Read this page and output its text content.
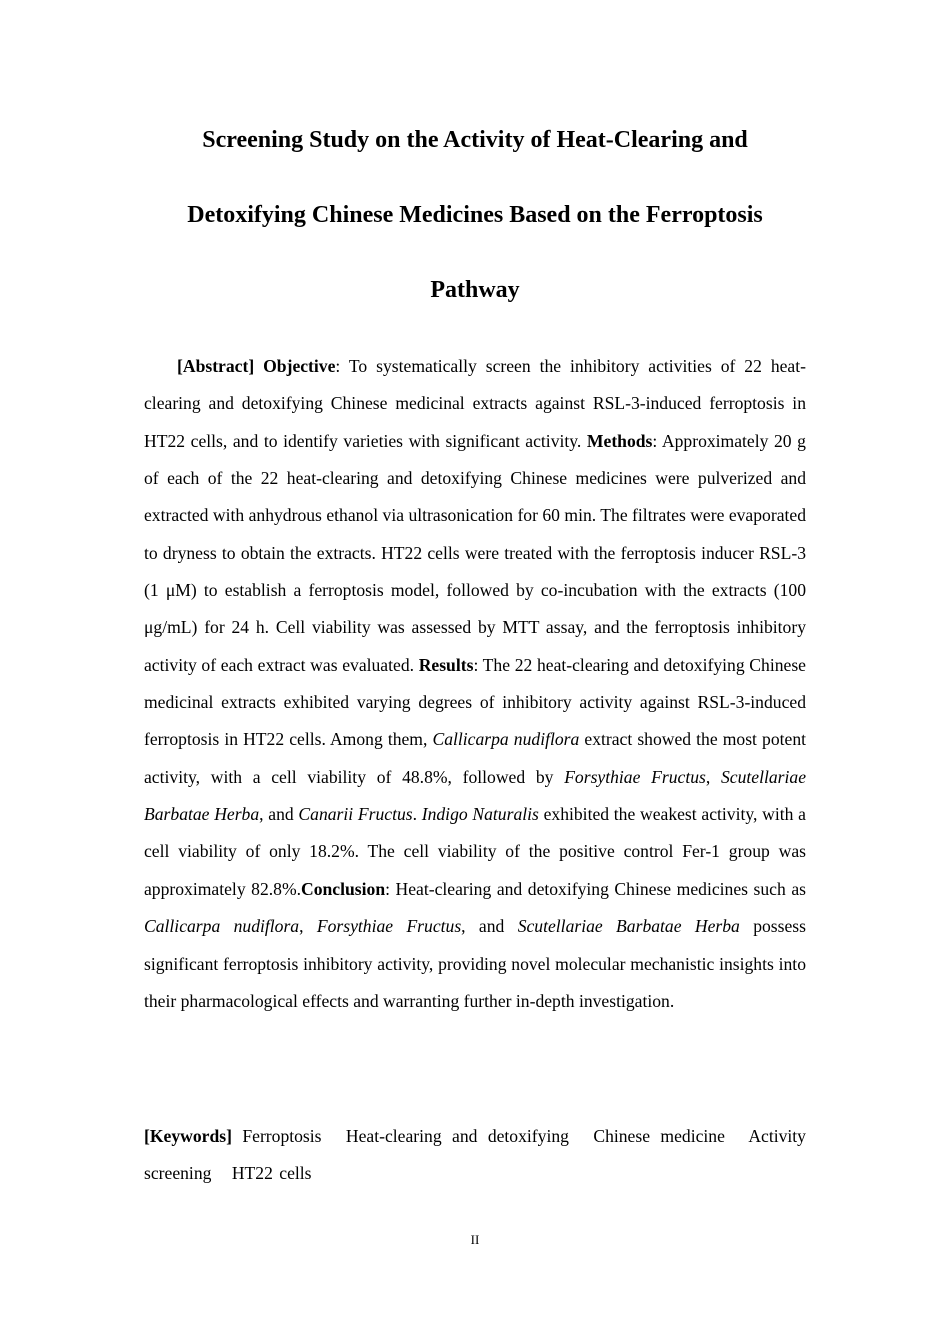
Screening Study on the Activity of Heat-Clearing and
Detoxifying Chinese Medicines Based on the Ferroptosis
Pathway

[Abstract] Objective: To systematically screen the inhibitory activities of 22 heat-clearing and detoxifying Chinese medicinal extracts against RSL-3-induced ferroptosis in HT22 cells, and to identify varieties with significant activity. Methods: Approximately 20 g of each of the 22 heat-clearing and detoxifying Chinese medicines were pulverized and extracted with anhydrous ethanol via ultrasonication for 60 min. The filtrates were evaporated to dryness to obtain the extracts. HT22 cells were treated with the ferroptosis inducer RSL-3 (1 μM) to establish a ferroptosis model, followed by co-incubation with the extracts (100 μg/mL) for 24 h. Cell viability was assessed by MTT assay, and the ferroptosis inhibitory activity of each extract was evaluated. Results: The 22 heat-clearing and detoxifying Chinese medicinal extracts exhibited varying degrees of inhibitory activity against RSL-3-induced ferroptosis in HT22 cells. Among them, Callicarpa nudiflora extract showed the most potent activity, with a cell viability of 48.8%, followed by Forsythiae Fructus, Scutellariae Barbatae Herba, and Canarii Fructus. Indigo Naturalis exhibited the weakest activity, with a cell viability of only 18.2%. The cell viability of the positive control Fer-1 group was approximately 82.8%.Conclusion: Heat-clearing and detoxifying Chinese medicines such as Callicarpa nudiflora, Forsythiae Fructus, and Scutellariae Barbatae Herba possess significant ferroptosis inhibitory activity, providing novel molecular mechanistic insights into their pharmacological effects and warranting further in-depth investigation.

[Keywords] Ferroptosis Heat-clearing and detoxifying Chinese medicine Activity screening HT22 cells

II
